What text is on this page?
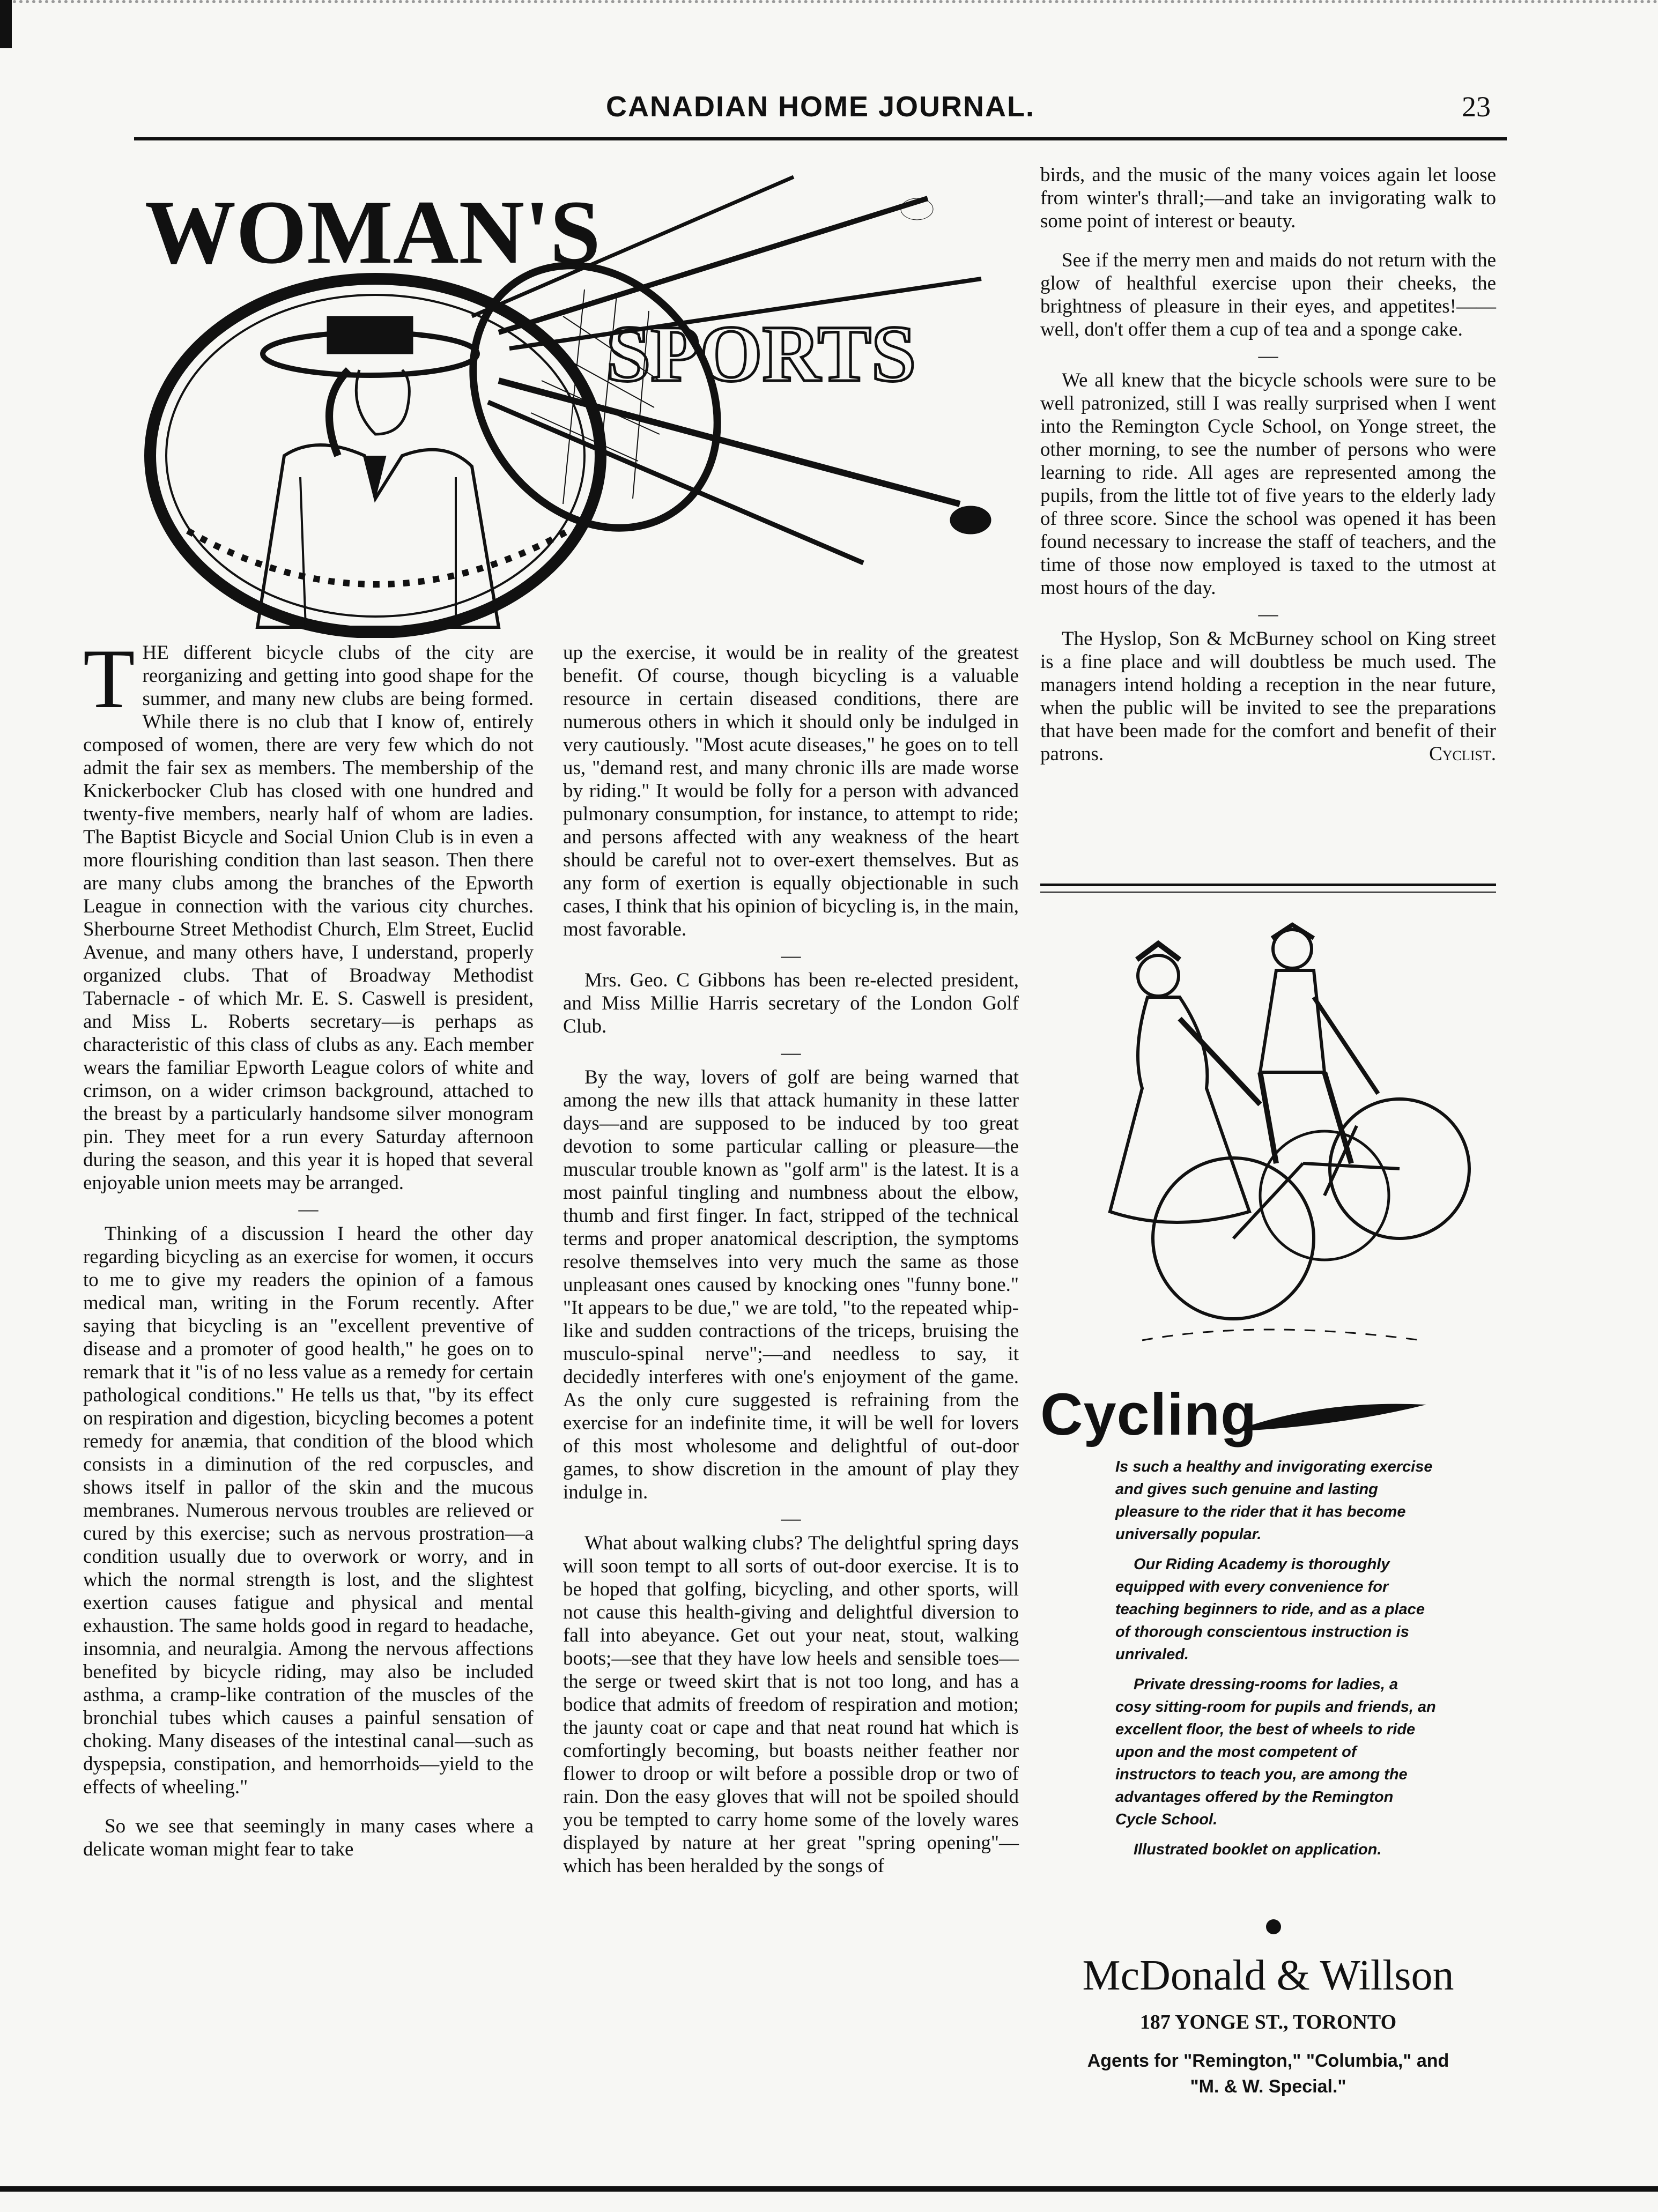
CANADIAN HOME JOURNAL.	23
WOMAN'S
SPORTS

THE different bicycle clubs of the city are reorganizing and getting into good shape for the summer, and many new clubs are being formed. While there is no club that I know of, entirely composed of women, there are very few which do not admit the fair sex as members. The membership of the Knickerbocker Club has closed with one hundred and twenty-five members, nearly half of whom are ladies. The Baptist Bicycle and Social Union Club is in even a more flourishing condition than last season. Then there are many clubs among the branches of the Epworth League in connection with the various city churches. Sherbourne Street Methodist Church, Elm Street, Euclid Avenue, and many others have, I understand, properly organized clubs. That of Broadway Methodist Tabernacle - of which Mr. E. S. Caswell is president, and Miss L. Roberts secretary—is perhaps as characteristic of this class of clubs as any. Each member wears the familiar Epworth League colors of white and crimson, on a wider crimson background, attached to the breast by a particularly handsome silver monogram pin. They meet for a run every Saturday afternoon during the season, and this year it is hoped that several enjoyable union meets may be arranged.

—

Thinking of a discussion I heard the other day regarding bicycling as an exercise for women, it occurs to me to give my readers the opinion of a famous medical man, writing in the Forum recently. After saying that bicycling is an "excellent preventive of disease and a promoter of good health," he goes on to remark that it "is of no less value as a remedy for certain pathological conditions." He tells us that, "by its effect on respiration and digestion, bicycling becomes a potent remedy for anæmia, that condition of the blood which consists in a diminution of the red corpuscles, and shows itself in pallor of the skin and the mucous membranes. Numerous nervous troubles are relieved or cured by this exercise; such as nervous prostration—a condition usually due to overwork or worry, and in which the normal strength is lost, and the slightest exertion causes fatigue and physical and mental exhaustion. The same holds good in regard to headache, insomnia, and neuralgia. Among the nervous affections benefited by bicycle riding, may also be included asthma, a cramp-like contration of the muscles of the bronchial tubes which causes a painful sensation of choking. Many diseases of the intestinal canal—such as dyspepsia, constipation, and hemorrhoids—yield to the effects of wheeling."

So we see that seemingly in many cases where a delicate woman might fear to take

up the exercise, it would be in reality of the greatest benefit. Of course, though bicycling is a valuable resource in certain diseased conditions, there are numerous others in which it should only be indulged in very cautiously. "Most acute diseases," he goes on to tell us, "demand rest, and many chronic ills are made worse by riding." It would be folly for a person with advanced pulmonary consumption, for instance, to attempt to ride; and persons affected with any weakness of the heart should be careful not to over-exert themselves. But as any form of exertion is equally objectionable in such cases, I think that his opinion of bicycling is, in the main, most favorable.

—

Mrs. Geo. C Gibbons has been re-elected president, and Miss Millie Harris secretary of the London Golf Club.

—

By the way, lovers of golf are being warned that among the new ills that attack humanity in these latter days—and are supposed to be induced by too great devotion to some particular calling or pleasure—the muscular trouble known as "golf arm" is the latest. It is a most painful tingling and numbness about the elbow, thumb and first finger. In fact, stripped of the technical terms and proper anatomical description, the symptoms resolve themselves into very much the same as those unpleasant ones caused by knocking ones "funny bone." "It appears to be due," we are told, "to the repeated whip-like and sudden contractions of the triceps, bruising the musculo-spinal nerve";—and needless to say, it decidedly interferes with one's enjoyment of the game. As the only cure suggested is refraining from the exercise for an indefinite time, it will be well for lovers of this most wholesome and delightful of out-door games, to show discretion in the amount of play they indulge in.

—

What about walking clubs? The delightful spring days will soon tempt to all sorts of out-door exercise. It is to be hoped that golfing, bicycling, and other sports, will not cause this health-giving and delightful diversion to fall into abeyance. Get out your neat, stout, walking boots;—see that they have low heels and sensible toes—the serge or tweed skirt that is not too long, and has a bodice that admits of freedom of respiration and motion; the jaunty coat or cape and that neat round hat which is comfortingly becoming, but boasts neither feather nor flower to droop or wilt before a possible drop or two of rain. Don the easy gloves that will not be spoiled should you be tempted to carry home some of the lovely wares displayed by nature at her great "spring opening"—which has been heralded by the songs of

birds, and the music of the many voices again let loose from winter's thrall;—and take an invigorating walk to some point of interest or beauty.

See if the merry men and maids do not return with the glow of healthful exercise upon their cheeks, the brightness of pleasure in their eyes, and appetites!——well, don't offer them a cup of tea and a sponge cake.

—

We all knew that the bicycle schools were sure to be well patronized, still I was really surprised when I went into the Remington Cycle School, on Yonge street, the other morning, to see the number of persons who were learning to ride. All ages are represented among the pupils, from the little tot of five years to the elderly lady of three score. Since the school was opened it has been found necessary to increase the staff of teachers, and the time of those now employed is taxed to the utmost at most hours of the day.

—

The Hyslop, Son & McBurney school on King street is a fine place and will doubtless be much used. The managers intend holding a reception in the near future, when the public will be invited to see the preparations that have been made for the comfort and benefit of their patrons.	Cyclist.

Cycling

Is such a healthy and invigorating exercise and gives such genuine and lasting pleasure to the rider that it has become universally popular.

Our Riding Academy is thoroughly equipped with every convenience for teaching beginners to ride, and as a place of thorough conscientous instruction is unrivaled.

Private dressing-rooms for ladies, a cosy sitting-room for pupils and friends, an excellent floor, the best of wheels to ride upon and the most competent of instructors to teach you, are among the advantages offered by the Remington Cycle School.

Illustrated booklet on application.

McDonald & Willson
187 YONGE ST., TORONTO
Agents for "Remington," "Columbia," and
"M. & W. Special."
